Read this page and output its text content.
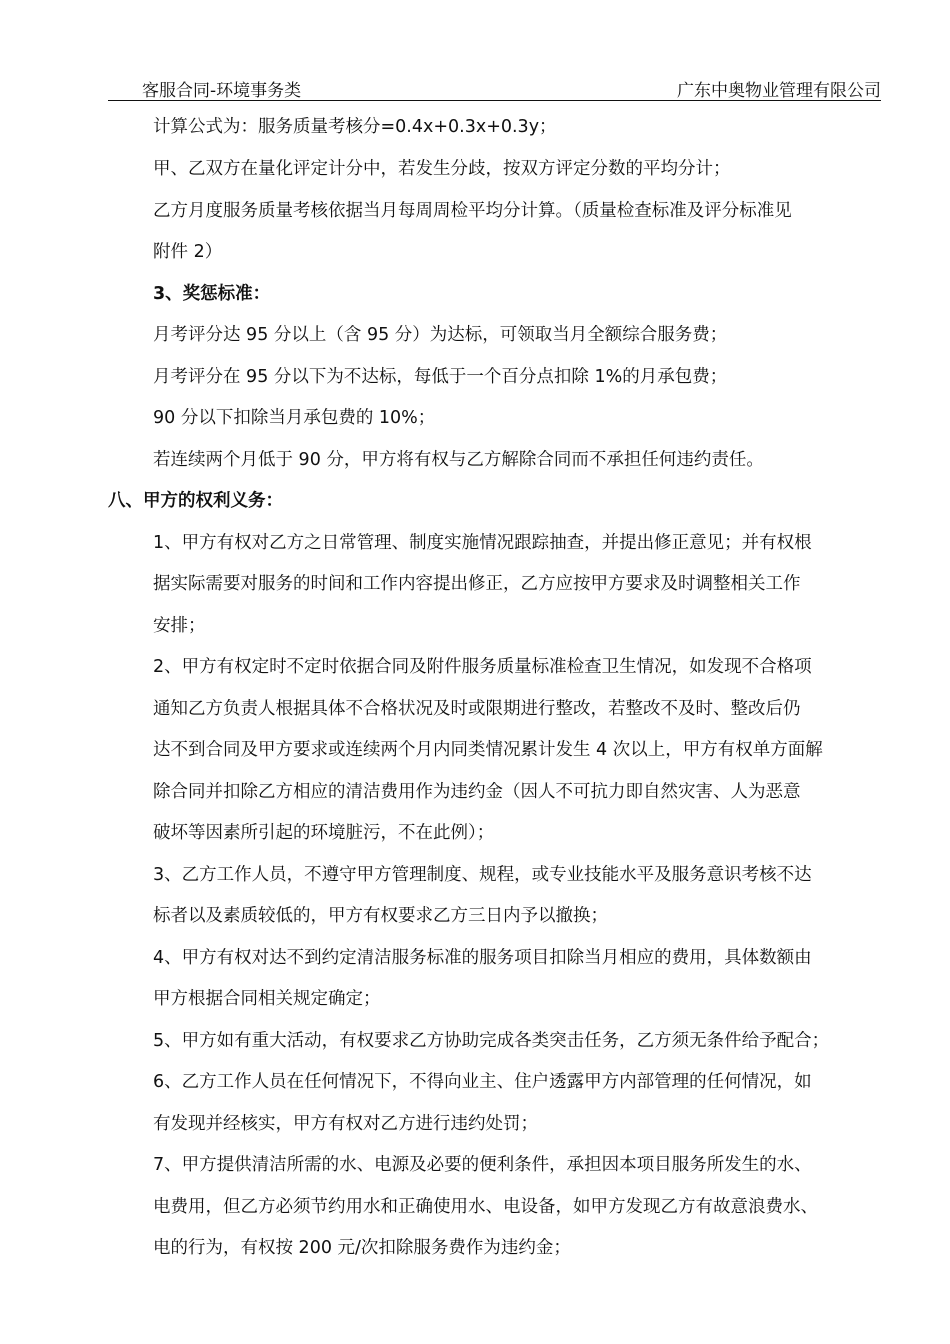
客服合同-环境事务类	广东中奥物业管理有限公司
计算公式为：服务质量考核分=0.4x+0.3x+0.3y；
甲、乙双方在量化评定计分中，若发生分歧，按双方评定分数的平均分计；
乙方月度服务质量考核依据当月每周周检平均分计算。（质量检查标准及评分标准见
附件 2）
3、奖惩标准：
月考评分达 95 分以上（含 95 分）为达标，可领取当月全额综合服务费；
月考评分在 95 分以下为不达标，每低于一个百分点扣除 1%的月承包费；
90 分以下扣除当月承包费的 10%；
若连续两个月低于 90 分，甲方将有权与乙方解除合同而不承担任何违约责任。
八、甲方的权利义务：
1、甲方有权对乙方之日常管理、制度实施情况跟踪抽查，并提出修正意见；并有权根
据实际需要对服务的时间和工作内容提出修正，乙方应按甲方要求及时调整相关工作
安排；
2、甲方有权定时不定时依据合同及附件服务质量标准检查卫生情况，如发现不合格项
通知乙方负责人根据具体不合格状况及时或限期进行整改，若整改不及时、整改后仍
达不到合同及甲方要求或连续两个月内同类情况累计发生 4 次以上，甲方有权单方面解
除合同并扣除乙方相应的清洁费用作为违约金（因人不可抗力即自然灾害、人为恶意
破坏等因素所引起的环境脏污，不在此例）；
3、乙方工作人员，不遵守甲方管理制度、规程，或专业技能水平及服务意识考核不达
标者以及素质较低的，甲方有权要求乙方三日内予以撤换；
4、甲方有权对达不到约定清洁服务标准的服务项目扣除当月相应的费用，具体数额由
甲方根据合同相关规定确定；
5、甲方如有重大活动，有权要求乙方协助完成各类突击任务，乙方须无条件给予配合；
6、乙方工作人员在任何情况下，不得向业主、住户透露甲方内部管理的任何情况，如
有发现并经核实，甲方有权对乙方进行违约处罚；
7、甲方提供清洁所需的水、电源及必要的便利条件，承担因本项目服务所发生的水、
电费用，但乙方必须节约用水和正确使用水、电设备，如甲方发现乙方有故意浪费水、
电的行为，有权按 200 元/次扣除服务费作为违约金；
